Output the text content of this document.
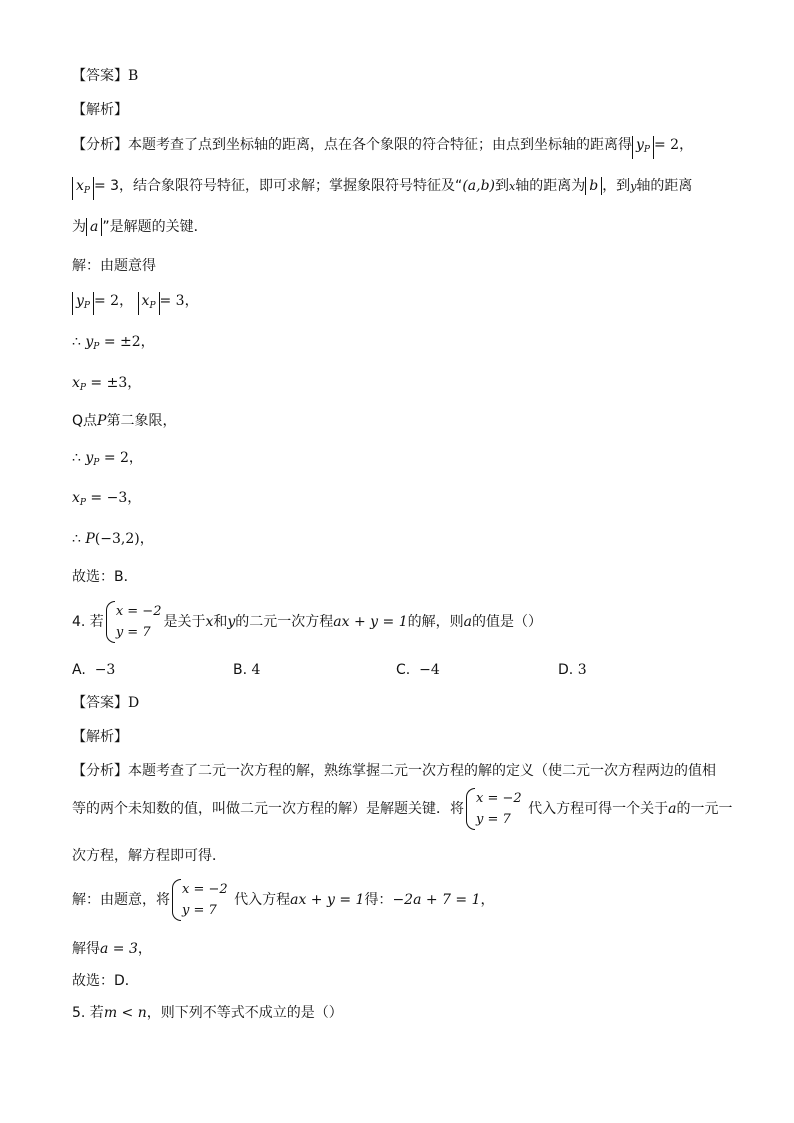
【答案】B
【解析】
【分析】本题考查了点到坐标轴的距离，点在各个象限的符合特征；由点到坐标轴的距离得 $y_P = 2$，
$x_P = 3$，结合象限符号特征，即可求解；掌握象限符号特征及“(a,b)到x轴的距离为 b ，到y轴的距离
为 a ”是解题的关键．
解：由题意得
$y_P = 2$， $x_P = 3$，
∴ $y_P = \pm 2$，
$x_P = \pm 3$，
Q点P第二象限，
∴ $y_P = 2$，
$x_P = -3$，
∴ P(−3,2)，
故选：B．
4. 若
x = −2
y = 7
是关于x和y的二元一次方程ax + y = 1的解，则a的值是（）
A. −3	B. 4	C. −4	D. 3
【答案】D
【解析】
【分析】本题考查了二元一次方程的解，熟练掌握二元一次方程的解的定义（使二元一次方程两边的值相
等的两个未知数的值，叫做二元一次方程的解）是解题关键．将
x = −2
y = 7
代入方程可得一个关于a的一元一
次方程，解方程即可得．
解：由题意，将
x = −2
y = 7
代入方程ax + y = 1得：−2a + 7 = 1，
解得a = 3，
故选：D．
5. 若m < n，则下列不等式不成立的是（）
